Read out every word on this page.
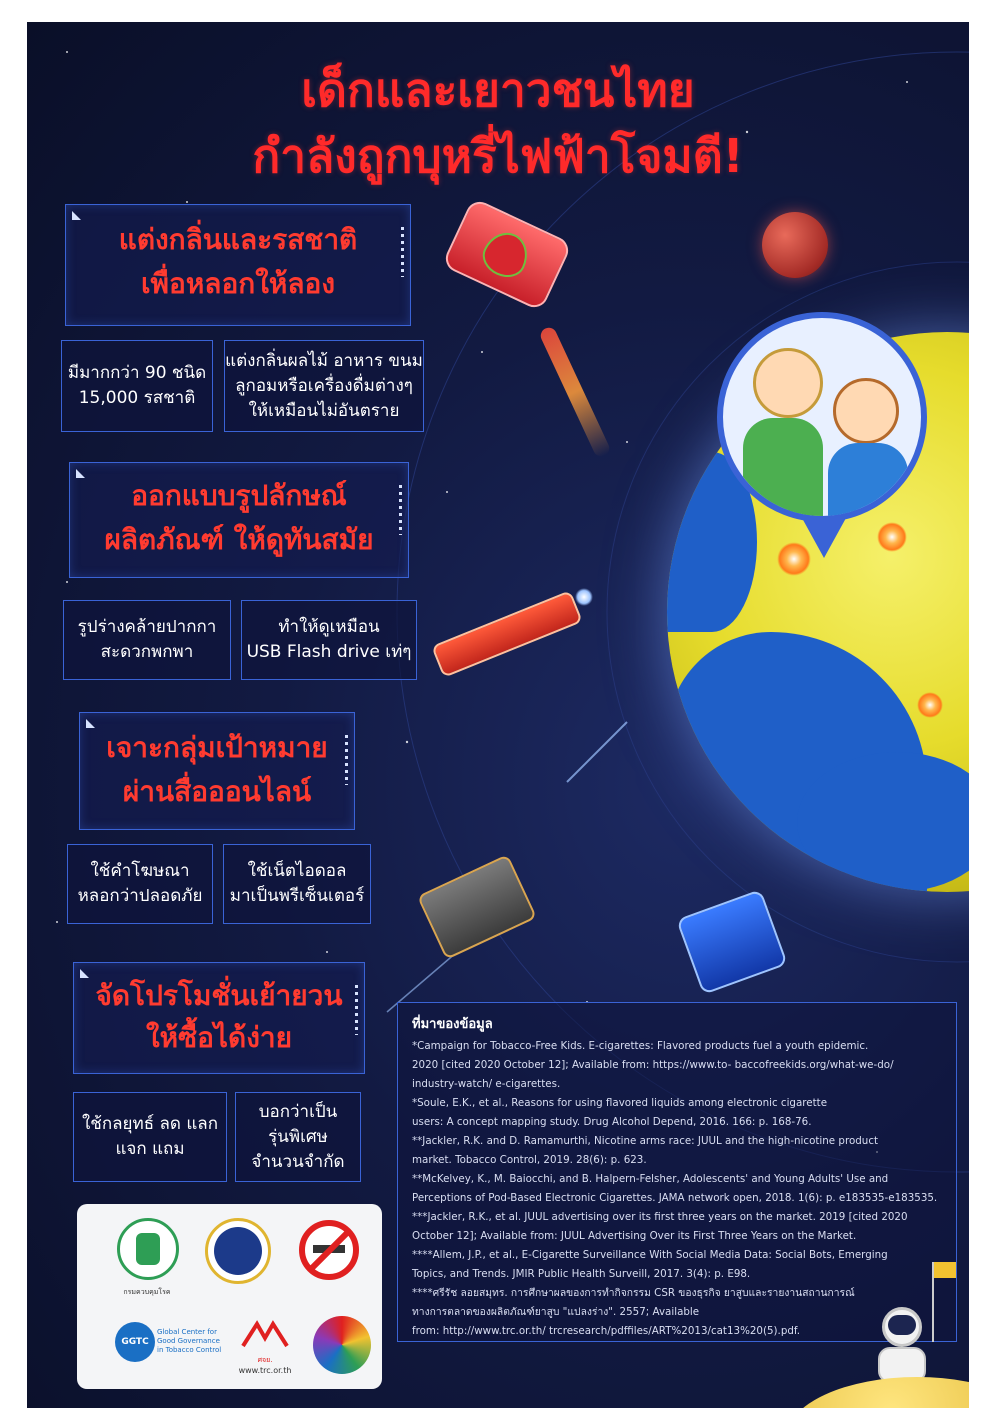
เด็กและเยาวชนไทย
กำลังถูกบุหรี่ไฟฟ้าโจมตี!
แต่งกลิ่นและรสชาติ
เพื่อหลอกให้ลอง
มีมากกว่า 90 ชนิด
15,000 รสชาติ
แต่งกลิ่นผลไม้ อาหาร ขนม
ลูกอมหรือเครื่องดื่มต่างๆ
ให้เหมือนไม่อันตราย
ออกแบบรูปลักษณ์
ผลิตภัณฑ์ ให้ดูทันสมัย
รูปร่างคล้ายปากกา
สะดวกพกพา
ทำให้ดูเหมือน
USB Flash drive เท่ๆ
เจาะกลุ่มเป้าหมาย
ผ่านสื่อออนไลน์
ใช้คำโฆษณา
หลอกว่าปลอดภัย
ใช้เน็ตไอดอล
มาเป็นพรีเซ็นเตอร์
จัดโปรโมชั่นเย้ายวน
ให้ซื้อได้ง่าย
ใช้กลยุทธ์ ลด แลก
แจก แถม
บอกว่าเป็น
รุ่นพิเศษ
จำนวนจำกัด
ที่มาของข้อมูล
*Campaign for Tobacco-Free Kids. E-cigarettes: Flavored products fuel a youth epidemic.
2020 [cited 2020 October 12]; Available from: https://www.to- baccofreekids.org/what-we-do/
industry-watch/ e-cigarettes.
*Soule, E.K., et al., Reasons for using flavored liquids among electronic cigarette
users: A concept mapping study. Drug Alcohol Depend, 2016. 166: p. 168-76.
**Jackler, R.K. and D. Ramamurthi, Nicotine arms race: JUUL and the high-nicotine product
market. Tobacco Control, 2019. 28(6): p. 623.
**McKelvey, K., M. Baiocchi, and B. Halpern-Felsher, Adolescents' and Young Adults' Use and
Perceptions of Pod-Based Electronic Cigarettes. JAMA network open, 2018. 1(6): p. e183535-e183535.
***Jackler, R.K., et al. JUUL advertising over its first three years on the market. 2019 [cited 2020
October 12]; Available from: JUUL Advertising Over its First Three Years on the Market.
****Allem, J.P., et al., E-Cigarette Surveillance With Social Media Data: Social Bots, Emerging
Topics, and Trends. JMIR Public Health Surveill, 2017. 3(4): p. E98.
****ศรีรัช ลอยสมุทร. การศึกษาผลของการทำกิจกรรม CSR ของธุรกิจ ยาสูบและรายงานสถานการณ์
ทางการตลาดของผลิตภัณฑ์ยาสูบ "แปลงร่าง". 2557; Available
from: http://www.trc.or.th/ trcresearch/pdffiles/ART%2013/cat13%20(5).pdf.
กรมควบคุมโรค
GGTC
Global Center for
Good Governance
in Tobacco Control
ศจย.
www.trc.or.th
